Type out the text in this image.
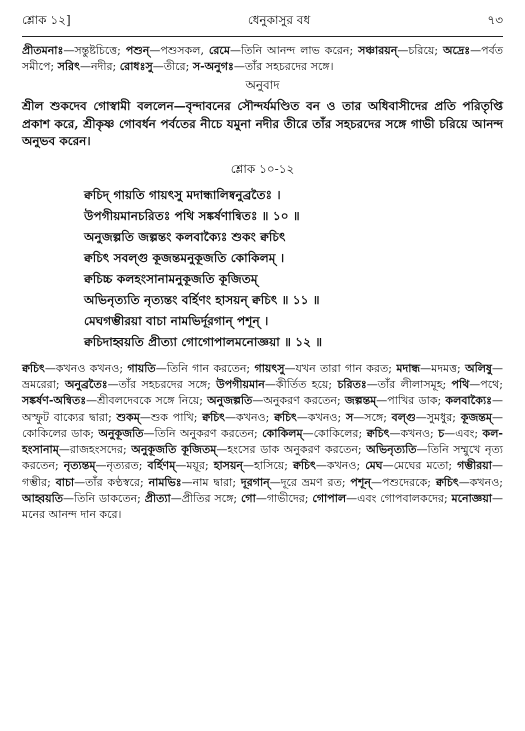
শ্লোক ১২]	ধেনুকাসুর বধ	৭৩

প্রীতমনাঃ—সন্তুষ্টচিত্তে; পশুন্—পশুসকল, রেমে—তিনি আনন্দ লাভ করেন; সঞ্চারয়ন্—চরিয়ে; অদ্রেঃ—পর্বত সমীপে; সরিৎ—নদীর; রোধঃসু—তীরে; স-অনুগঃ—তাঁর সহচরদের সঙ্গে।

অনুবাদ

শ্রীল শুকদেব গোস্বামী বললেন—বৃন্দাবনের সৌন্দর্যমণ্ডিত বন ও তার অধিবাসীদের প্রতি পরিতৃপ্তি প্রকাশ করে, শ্রীকৃষ্ণ গোবর্ধন পর্বতের নীচে যমুনা নদীর তীরে তাঁর সহচরদের সঙ্গে গাভী চরিয়ে আনন্দ অনুভব করেন।

শ্লোক ১০-১২
ক্বচিদ্ গায়তি গায়ৎসু মদান্ধালিষ্বনুব্রতৈঃ ।
উপগীয়মানচরিতঃ পথি সঙ্কর্ষণান্বিতঃ ॥ ১০ ॥
অনুজল্পতি জল্পন্তং কলবাক্যৈঃ শুকং ক্বচিৎ
ক্বচিৎ সবল্গু কূজন্তমনুকূজতি কোকিলম্ ।
ক্বচিচ্চ কলহংসানামনুকূজতি কূজিতম্
অভিনৃত্যতি নৃত্যন্তং বর্হিণং হাসয়ন্ ক্বচিৎ ॥ ১১ ॥
মেঘগম্ভীরয়া বাচা নামভির্দূরগান্ পশূন্ ।
ক্বচিদাহ্বয়তি প্রীত্যা গোগোপালমনোজ্ঞয়া ॥ ১২ ॥

ক্বচিৎ—কখনও কখনও; গায়তি—তিনি গান করতেন; গায়ৎসু—যখন তারা গান করত; মদান্ধ—মদমত্ত; অলিষু—ভ্রমরেরা; অনুব্রতৈঃ—তাঁর সহচরদের সঙ্গে; উপগীয়মান—কীর্তিত হয়ে; চরিতঃ—তাঁর লীলাসমূহ; পথি—পথে; সঙ্কর্ষণ-অন্বিতঃ—শ্রীবলদেবকে সঙ্গে নিয়ে; অনুজল্পতি—অনুকরণ করতেন; জল্পন্তম্—পাখির ডাক; কলবাক্যৈঃ—অস্ফুট বাক্যের দ্বারা; শুকম্—শুক পাখি; ক্বচিৎ—কখনও; ক্বচিৎ—কখনও; স—সঙ্গে; বল্গু—সুমধুর; কূজন্তম্—কোকিলের ডাক; অনুকূজতি—তিনি অনুকরণ করতেন; কোকিলম্—কোকিলের; ক্বচিৎ—কখনও; চ—এবং; কল-হংসানাম্—রাজহংসদের; অনুকূজতি কূজিতম্—হংসের ডাক অনুকরণ করতেন; অভিনৃত্যতি—তিনি সম্মুখে নৃত্য করতেন; নৃত্যন্তম্—নৃত্যরত; বর্হিণম্—ময়ূর; হাসয়ন্—হাসিয়ে; ক্বচিৎ—কখনও; মেঘ—মেঘের মতো; গম্ভীরয়া—গম্ভীর; বাচা—তাঁর কণ্ঠস্বরে; নামভিঃ—নাম দ্বারা; দূরগান্—দূরে ভ্রমণ রত; পশূন্—পশুদেরকে; ক্বচিৎ—কখনও; আহ্বয়তি—তিনি ডাকতেন; প্রীত্যা—প্রীতির সঙ্গে; গো—গাভীদের; গোপাল—এবং গোপবালকদের; মনোজ্ঞয়া—মনের আনন্দ দান করে।
